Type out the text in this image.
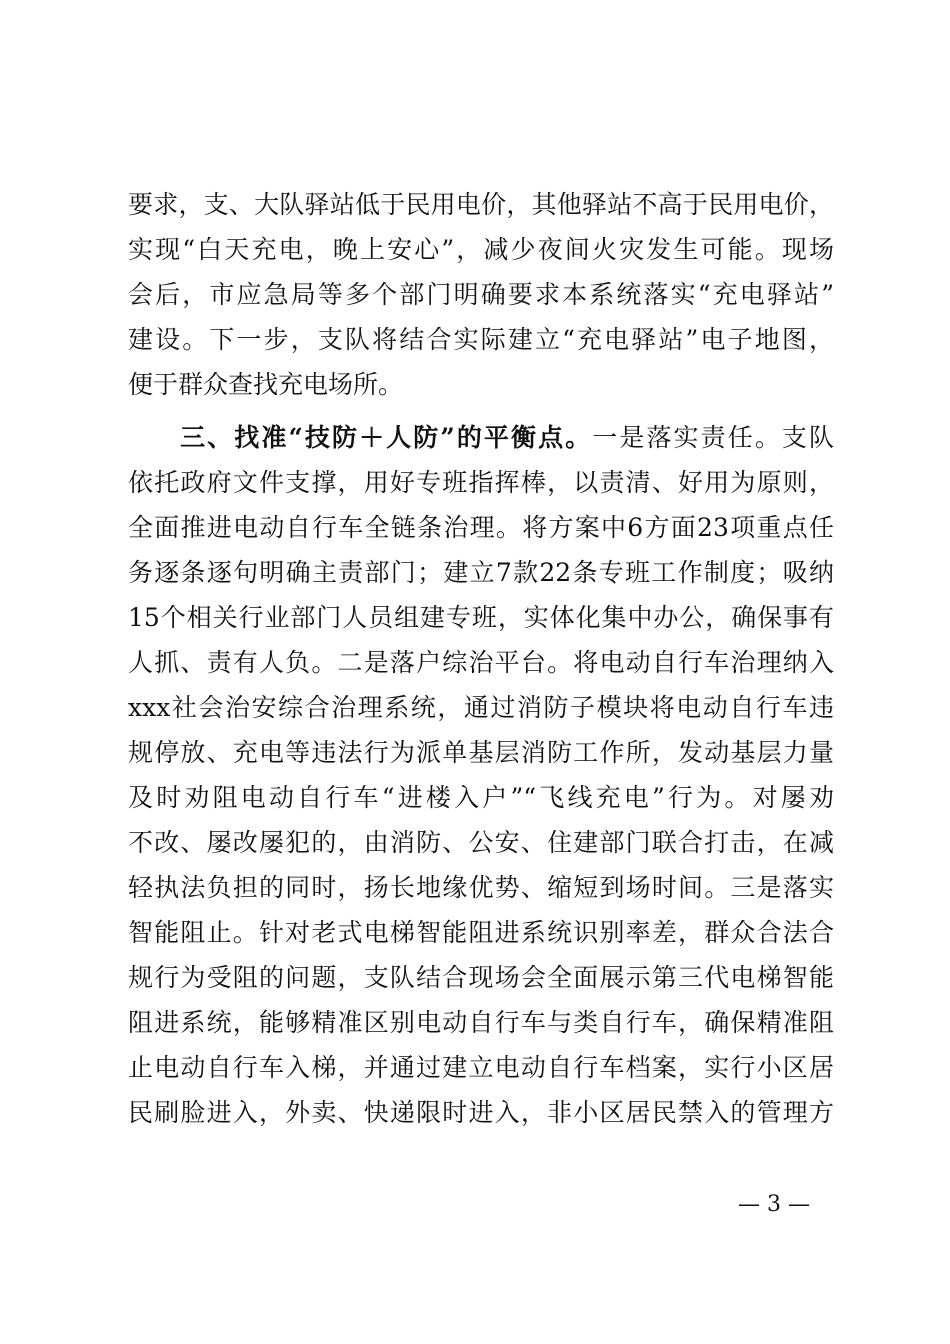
要求，支、大队驿站低于民用电价，其他驿站不高于民用电价，
实现“白天充电，晚上安心”，减少夜间火灾发生可能。现场
会后，市应急局等多个部门明确要求本系统落实“充电驿站”
建设。下一步，支队将结合实际建立“充电驿站”电子地图，
便于群众查找充电场所。
三、找准“技防＋人防”的平衡点。一是落实责任。支队
依托政府文件支撑，用好专班指挥棒，以责清、好用为原则，
全面推进电动自行车全链条治理。将方案中6方面23项重点任
务逐条逐句明确主责部门；建立7款22条专班工作制度；吸纳
15个相关行业部门人员组建专班，实体化集中办公，确保事有
人抓、责有人负。二是落户综治平台。将电动自行车治理纳入
xxx社会治安综合治理系统，通过消防子模块将电动自行车违
规停放、充电等违法行为派单基层消防工作所，发动基层力量
及时劝阻电动自行车“进楼入户”“飞线充电”行为。对屡劝
不改、屡改屡犯的，由消防、公安、住建部门联合打击，在减
轻执法负担的同时，扬长地缘优势、缩短到场时间。三是落实
智能阻止。针对老式电梯智能阻进系统识别率差，群众合法合
规行为受阻的问题，支队结合现场会全面展示第三代电梯智能
阻进系统，能够精准区别电动自行车与类自行车，确保精准阻
止电动自行车入梯，并通过建立电动自行车档案，实行小区居
民刷脸进入，外卖、快递限时进入，非小区居民禁入的管理方
— 3 —
